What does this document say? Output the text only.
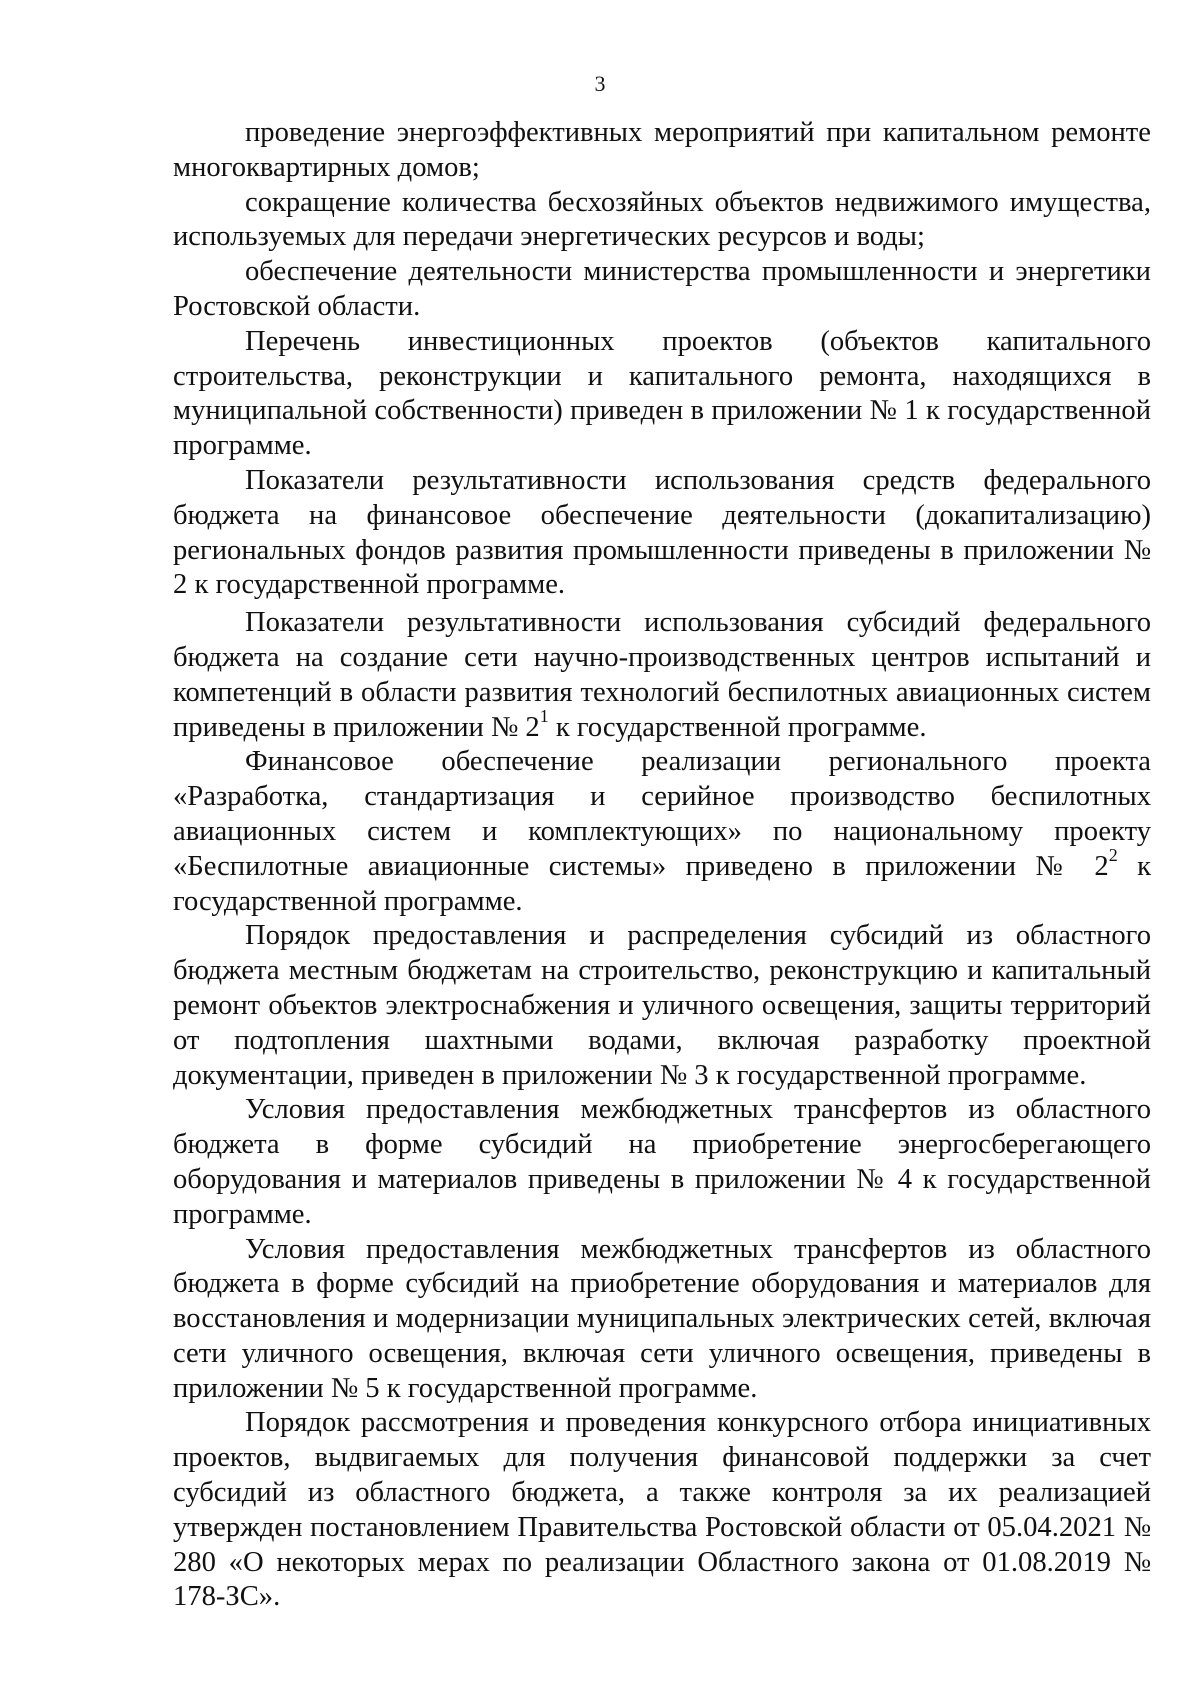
3

проведение энергоэффективных мероприятий при капитальном ремонте многоквартирных домов;

сокращение количества бесхозяйных объектов недвижимого имущества, используемых для передачи энергетических ресурсов и воды;

обеспечение деятельности министерства промышленности и энергетики Ростовской области.

Перечень инвестиционных проектов (объектов капитального строительства, реконструкции и капитального ремонта, находящихся в муниципальной собственности) приведен в приложении № 1 к государственной программе.

Показатели результативности использования средств федерального бюджета на финансовое обеспечение деятельности (докапитализацию) региональных фондов развития промышленности приведены в приложении № 2 к государственной программе.

Показатели результативности использования субсидий федерального бюджета на создание сети научно-производственных центров испытаний и компетенций в области развития технологий беспилотных авиационных систем приведены в приложении № $2^1$ к государственной программе.

Финансовое обеспечение реализации регионального проекта «Разработка, стандартизация и серийное производство беспилотных авиационных систем и комплектующих» по национальному проекту «Беспилотные авиационные системы» приведено в приложении № $2^2$ к государственной программе.

Порядок предоставления и распределения субсидий из областного бюджета местным бюджетам на строительство, реконструкцию и капитальный ремонт объектов электроснабжения и уличного освещения, защиты территорий от подтопления шахтными водами, включая разработку проектной документации, приведен в приложении № 3 к государственной программе.

Условия предоставления межбюджетных трансфертов из областного бюджета в форме субсидий на приобретение энергосберегающего оборудования и материалов приведены в приложении № 4 к государственной программе.

Условия предоставления межбюджетных трансфертов из областного бюджета в форме субсидий на приобретение оборудования и материалов для восстановления и модернизации муниципальных электрических сетей, включая сети уличного освещения, включая сети уличного освещения, приведены в приложении № 5 к государственной программе.

Порядок рассмотрения и проведения конкурсного отбора инициативных проектов, выдвигаемых для получения финансовой поддержки за счет субсидий из областного бюджета, а также контроля за их реализацией утвержден постановлением Правительства Ростовской области от 05.04.2021 № 280 «О некоторых мерах по реализации Областного закона от 01.08.2019 № 178-ЗС».
